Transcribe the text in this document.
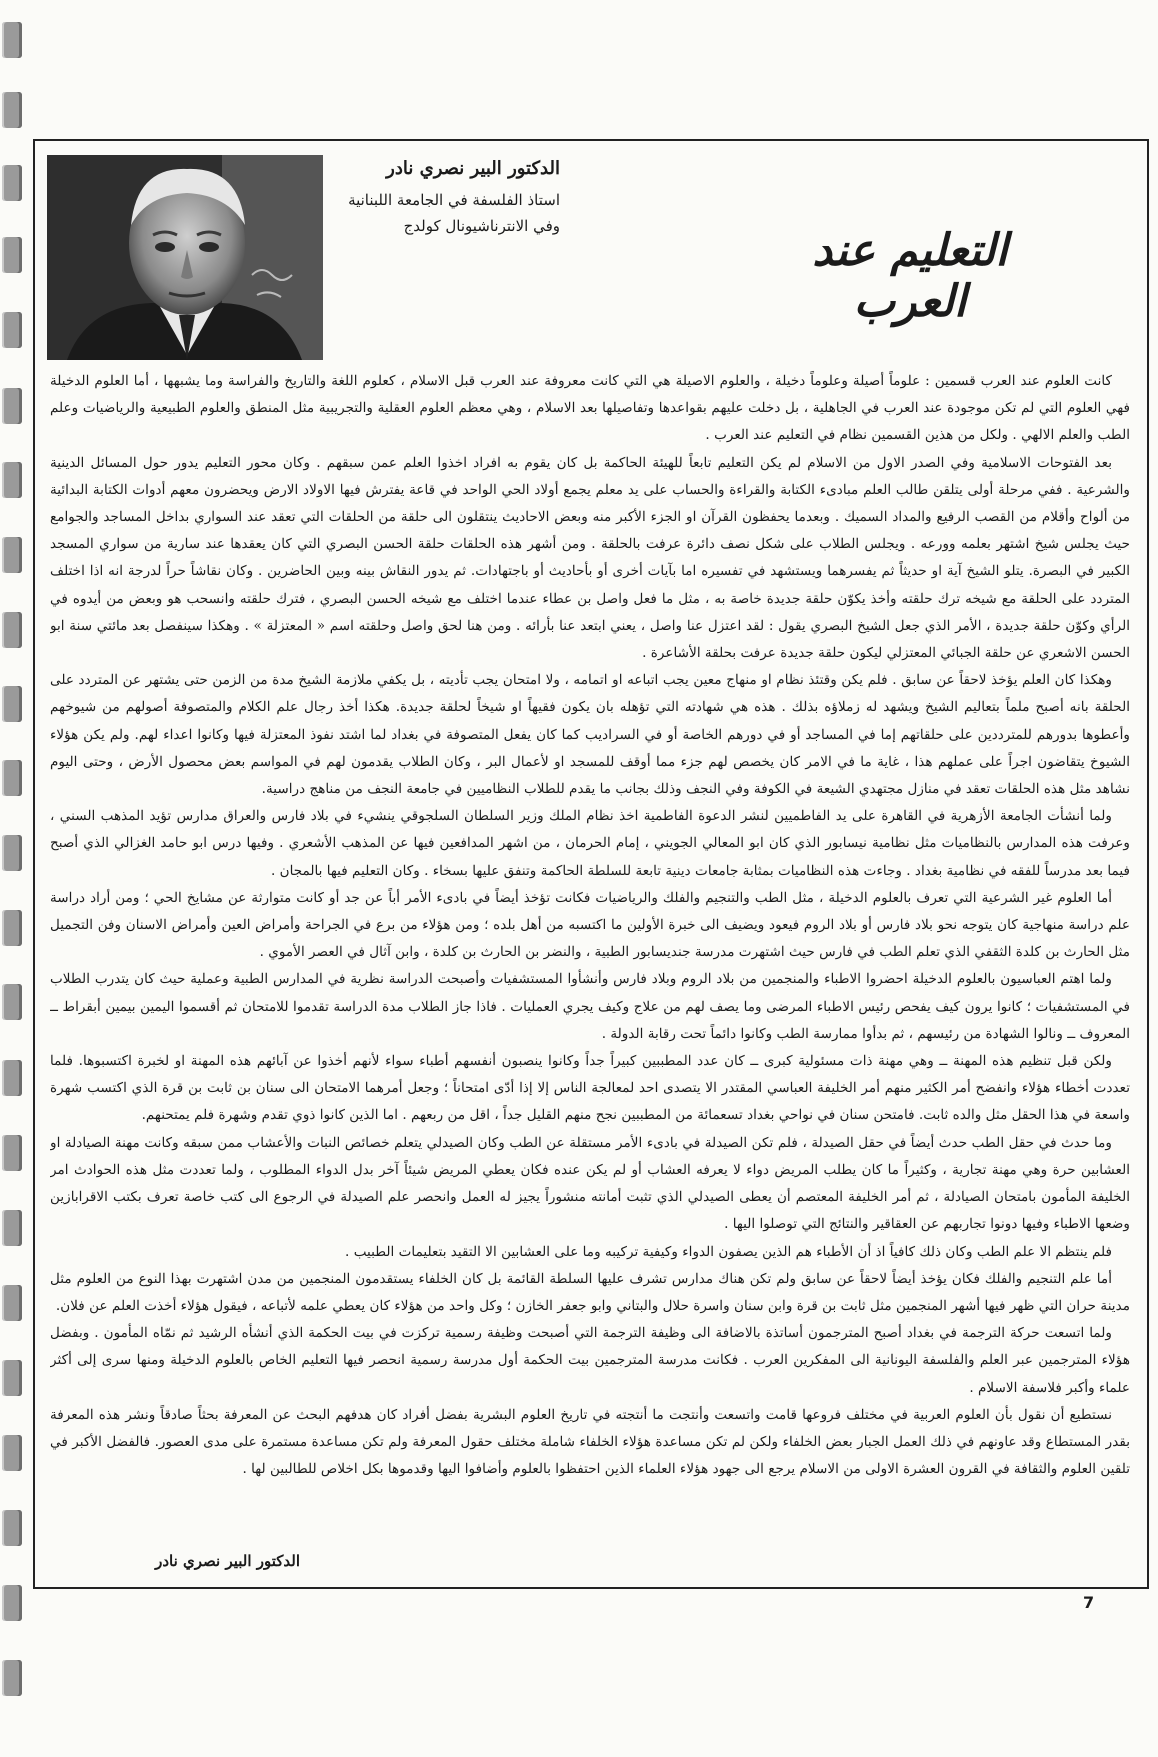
الدكتور البير نصري نادر

استاذ الفلسفة في الجامعة اللبنانية

وفي الانترناشيونال كولدج	التعليم عند العرب

كانت العلوم عند العرب قسمين : علوماً أصيلة وعلوماً دخيلة ، والعلوم الاصيلة هي التي كانت معروفة عند العرب قبل الاسلام ، كعلوم اللغة والتاريخ والفراسة وما يشبهها ، أما العلوم الدخيلة فهي العلوم التي لم تكن موجودة عند العرب في الجاهلية ، بل دخلت عليهم بقواعدها وتفاصيلها بعد الاسلام ، وهي معظم العلوم العقلية والتجريبية مثل المنطق والعلوم الطبيعية والرياضيات وعلم الطب والعلم الالهي . ولكل من هذين القسمين نظام في التعليم عند العرب .

بعد الفتوحات الاسلامية وفي الصدر الاول من الاسلام لم يكن التعليم تابعاً للهيئة الحاكمة بل كان يقوم به افراد اخذوا العلم عمن سبقهم . وكان محور التعليم يدور حول المسائل الدينية والشرعية . ففي مرحلة أولى يتلقن طالب العلم مبادىء الكتابة والقراءة والحساب على يد معلم يجمع أولاد الحي الواحد في قاعة يفترش فيها الاولاد الارض ويحضرون معهم أدوات الكتابة البدائية من ألواح وأقلام من القصب الرفيع والمداد السميك . وبعدما يحفظون القرآن او الجزء الأكبر منه وبعض الاحاديث ينتقلون الى حلقة من الحلقات التي تعقد عند السواري بداخل المساجد والجوامع حيث يجلس شيخ اشتهر بعلمه وورعه . ويجلس الطلاب على شكل نصف دائرة عرفت بالحلقة . ومن أشهر هذه الحلقات حلقة الحسن البصري التي كان يعقدها عند سارية من سواري المسجد الكبير في البصرة. يتلو الشيخ آية او حديثاً ثم يفسرهما ويستشهد في تفسيره اما بآيات أخرى أو بأحاديث أو باجتهادات. ثم يدور النقاش بينه وبين الحاضرين . وكان نقاشاً حراً لدرجة انه اذا اختلف المتردد على الحلقة مع شيخه ترك حلقته وأخذ يكوّن حلقة جديدة خاصة به ، مثل ما فعل واصل بن عطاء عندما اختلف مع شيخه الحسن البصري ، فترك حلقته وانسحب هو وبعض من أيدوه في الرأي وكوّن حلقة جديدة ، الأمر الذي جعل الشيخ البصري يقول : لقد اعتزل عنا واصل ، يعني ابتعد عنا بأرائه . ومن هنا لحق واصل وحلقته اسم « المعتزلة » . وهكذا سينفصل بعد مائتي سنة ابو الحسن الاشعري عن حلقة الجبائي المعتزلي ليكون حلقة جديدة عرفت بحلقة الأشاعرة .

وهكذا كان العلم يؤخذ لاحقاً عن سابق . فلم يكن وقتئذ نظام او منهاج معين يجب اتباعه او اتمامه ، ولا امتحان يجب تأديته ، بل يكفي ملازمة الشيخ مدة من الزمن حتى يشتهر عن المتردد على الحلقة بانه أصبح ملماً بتعاليم الشيخ ويشهد له زملاؤه بذلك . هذه هي شهادته التي تؤهله بان يكون فقيهاً او شيخاً لحلقة جديدة. هكذا أخذ رجال علم الكلام والمتصوفة أصولهم من شيوخهم وأعطوها بدورهم للمترددين على حلقاتهم إما في المساجد أو في دورهم الخاصة أو في السراديب كما كان يفعل المتصوفة في بغداد لما اشتد نفوذ المعتزلة فيها وكانوا اعداء لهم. ولم يكن هؤلاء الشيوخ يتقاضون اجراً على عملهم هذا ، غاية ما في الامر كان يخصص لهم جزء مما أوقف للمسجد او لأعمال البر ، وكان الطلاب يقدمون لهم في المواسم بعض محصول الأرض ، وحتى اليوم نشاهد مثل هذه الحلقات تعقد في منازل مجتهدي الشيعة في الكوفة وفي النجف وذلك بجانب ما يقدم للطلاب النظاميين في جامعة النجف من مناهج دراسية.

ولما أنشأت الجامعة الأزهرية في القاهرة على يد الفاطميين لنشر الدعوة الفاطمية اخذ نظام الملك وزير السلطان السلجوقي ينشيء في بلاد فارس والعراق مدارس تؤيد المذهب السني ، وعرفت هذه المدارس بالنظاميات مثل نظامية نيسابور الذي كان ابو المعالي الجويني ، إمام الحرمان ، من اشهر المدافعين فيها عن المذهب الأشعري . وفيها درس ابو حامد الغزالي الذي أصبح فيما بعد مدرساً للفقه في نظامية بغداد . وجاءت هذه النظاميات بمثابة جامعات دينية تابعة للسلطة الحاكمة وتنفق عليها بسخاء . وكان التعليم فيها بالمجان .

أما العلوم غير الشرعية التي تعرف بالعلوم الدخيلة ، مثل الطب والتنجيم والفلك والرياضيات فكانت تؤخذ أيضاً في بادىء الأمر أباً عن جد أو كانت متوارثة عن مشايخ الحي ؛ ومن أراد دراسة علم دراسة منهاجية كان يتوجه نحو بلاد فارس أو بلاد الروم فيعود ويضيف الى خبرة الأولين ما اكتسبه من أهل بلده ؛ ومن هؤلاء من برع في الجراحة وأمراض العين وأمراض الاسنان وفن التجميل مثل الحارث بن كلدة الثقفي الذي تعلم الطب في فارس حيث اشتهرت مدرسة جنديسابور الطبية ، والنضر بن الحارث بن كلدة ، وابن آثال في العصر الأموي .

ولما اهتم العباسيون بالعلوم الدخيلة احضروا الاطباء والمنجمين من بلاد الروم وبلاد فارس وأنشأوا المستشفيات وأصبحت الدراسة نظرية في المدارس الطبية وعملية حيث كان يتدرب الطلاب في المستشفيات ؛ كانوا يرون كيف يفحص رئيس الاطباء المرضى وما يصف لهم من علاج وكيف يجري العمليات . فاذا جاز الطلاب مدة الدراسة تقدموا للامتحان ثم أقسموا اليمين بيمين أبقراط ــ المعروف ــ ونالوا الشهادة من رئيسهم ، ثم بدأوا ممارسة الطب وكانوا دائماً تحت رقابة الدولة .

ولكن قبل تنظيم هذه المهنة ــ وهي مهنة ذات مسئولية كبرى ــ كان عدد المطببين كبيراً جداً وكانوا ينصبون أنفسهم أطباء سواء لأنهم أخذوا عن آبائهم هذه المهنة او لخبرة اكتسبوها. فلما تعددت أخطاء هؤلاء وانفضح أمر الكثير منهم أمر الخليفة العباسي المقتدر الا يتصدى احد لمعالجة الناس إلا إذا أدّى امتحاناً ؛ وجعل أمرهما الامتحان الى سنان بن ثابت بن قرة الذي اكتسب شهرة واسعة في هذا الحقل مثل والده ثابت. فامتحن سنان في نواحي بغداد تسعمائة من المطببين نجح منهم القليل جداً ، اقل من ربعهم . اما الذين كانوا ذوي تقدم وشهرة فلم يمتحنهم.

وما حدث في حقل الطب حدث أيضاً في حقل الصيدلة ، فلم تكن الصيدلة في بادىء الأمر مستقلة عن الطب وكان الصيدلي يتعلم خصائص النبات والأعشاب ممن سبقه وكانت مهنة الصيادلة او العشابين حرة وهي مهنة تجارية ، وكثيراً ما كان يطلب المريض دواء لا يعرفه العشاب أو لم يكن عنده فكان يعطي المريض شيئاً آخر بدل الدواء المطلوب ، ولما تعددت مثل هذه الحوادث امر الخليفة المأمون بامتحان الصيادلة ، ثم أمر الخليفة المعتصم أن يعطى الصيدلي الذي تثبت أمانته منشوراً يجيز له العمل وانحصر علم الصيدلة في الرجوع الى كتب خاصة تعرف بكتب الاقرابازين وضعها الاطباء وفيها دونوا تجاربهم عن العقاقير والنتائج التي توصلوا اليها .

فلم ينتظم الا علم الطب وكان ذلك كافياً اذ أن الأطباء هم الذين يصفون الدواء وكيفية تركيبه وما على العشابين الا التقيد بتعليمات الطبيب .

أما علم التنجيم والفلك فكان يؤخذ أيضاً لاحقاً عن سابق ولم تكن هناك مدارس تشرف عليها السلطة القائمة بل كان الخلفاء يستقدمون المنجمين من مدن اشتهرت بهذا النوع من العلوم مثل مدينة حران التي ظهر فيها أشهر المنجمين مثل ثابت بن قرة وابن سنان واسرة حلال والبتاني وابو جعفر الخازن ؛ وكل واحد من هؤلاء كان يعطي علمه لأتباعه ، فيقول هؤلاء أخذت العلم عن فلان.

ولما اتسعت حركة الترجمة في بغداد أصبح المترجمون أساتذة بالاضافة الى وظيفة الترجمة التي أصبحت وظيفة رسمية تركزت في بيت الحكمة الذي أنشأه الرشيد ثم نمّاه المأمون . وبفضل هؤلاء المترجمين عبر العلم والفلسفة اليونانية الى المفكرين العرب . فكانت مدرسة المترجمين بيت الحكمة أول مدرسة رسمية انحصر فيها التعليم الخاص بالعلوم الدخيلة ومنها سرى إلى أكثر علماء وأكبر فلاسفة الاسلام .

نستطيع أن نقول بأن العلوم العربية في مختلف فروعها قامت واتسعت وأنتجت ما أنتجته في تاريخ العلوم البشرية بفضل أفراد كان هدفهم البحث عن المعرفة بحثاً صادقاً ونشر هذه المعرفة بقدر المستطاع وقد عاونهم في ذلك العمل الجبار بعض الخلفاء ولكن لم تكن مساعدة هؤلاء الخلفاء شاملة مختلف حقول المعرفة ولم تكن مساعدة مستمرة على مدى العصور. فالفضل الأكبر في تلقين العلوم والثقافة في القرون العشرة الاولى من الاسلام يرجع الى جهود هؤلاء العلماء الذين احتفظوا بالعلوم وأضافوا اليها وقدموها بكل اخلاص للطالبين لها .

الدكتور البير نصري نادر
7
